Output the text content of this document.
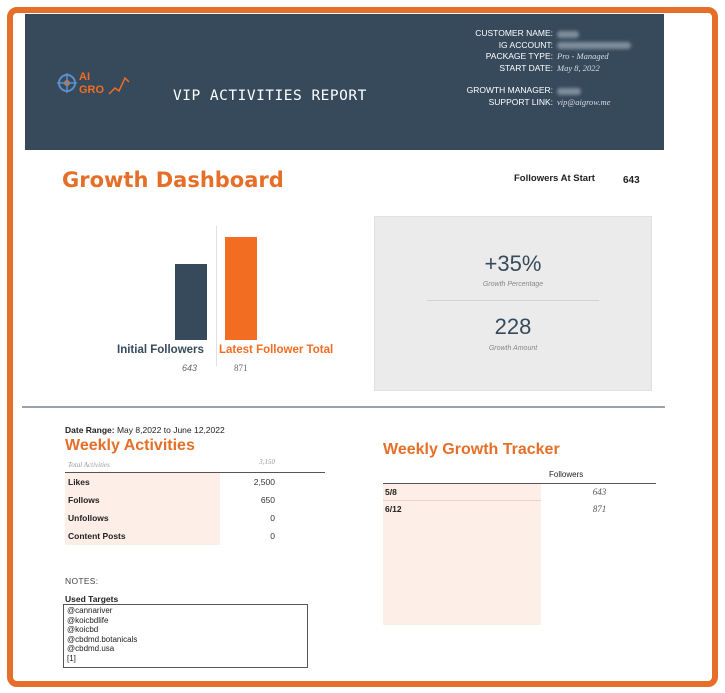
AI
GRO	VIP ACTIVITIES REPORT
CUSTOMER NAME:
IG ACCOUNT:
PACKAGE TYPE: Pro - Managed
START DATE: May 8, 2022
GROWTH MANAGER:
SUPPORT LINK: vip@aigrow.me
Growth Dashboard	Followers At Start	643
Initial Followers Latest Follower Total
643	871
+35%
Growth Percentage
228
Growth Amount
Date Range: May 8,2022 to June 12,2022
Weekly Activities
Total Activities	3,150
Likes	2,500
Follows	650
Unfollows	0
Content Posts	0
NOTES:
Used Targets
@cannariver
@koicbdlife
@koicbd
@cbdmd.botanicals
@cbdmd.usa
[1]
Weekly Growth Tracker
Followers
5/8	643
6/12	871
